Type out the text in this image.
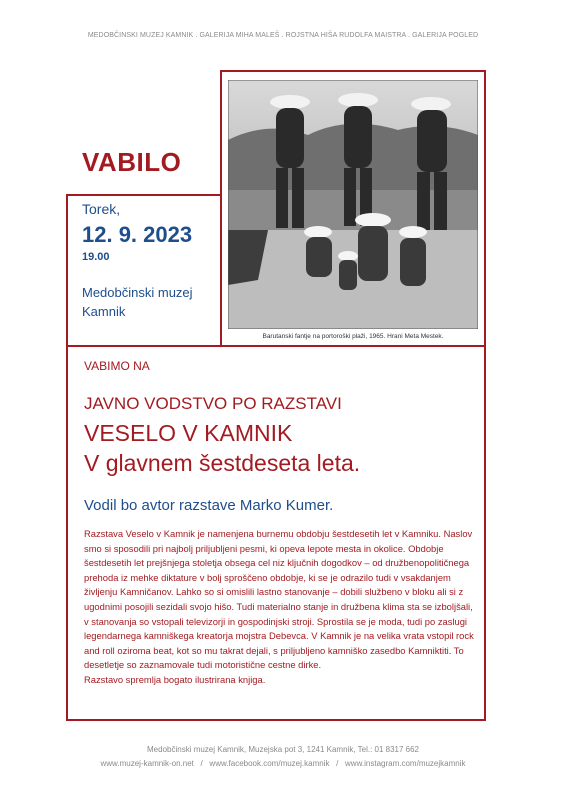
MEDOBČINSKI MUZEJ KAMNIK . GALERIJA MIHA MALEŠ . ROJSTNA HIŠA RUDOLFA MAISTRA . GALERIJA POGLED
Barutanski fantje na portoroški plaži, 1965. Hrani Meta Mestek.
VABILO
Torek,
12. 9. 2023
19.00
Medobčinski muzej
Kamnik
VABIMO NA
JAVNO VODSTVO PO RAZSTAVI
VESELO V KAMNIK
V glavnem šestdeseta leta.
Vodil bo avtor razstave Marko Kumer.
Razstava Veselo v Kamnik je namenjena burnemu obdobju šestdesetih let v Kamniku. Naslov smo si sposodili pri najbolj priljubljeni pesmi, ki opeva lepote mesta in okolice. Obdobje šestdesetih let prejšnjega stoletja obsega cel niz ključnih dogodkov – od družbenopolitičnega prehoda iz mehke diktature v bolj sproščeno obdobje, ki se je odrazilo tudi v vsakdanjem življenju Kamničanov. Lahko so si omislili lastno stanovanje – dobili službeno v bloku ali si z ugodnimi posojili sezidali svojo hišo. Tudi materialno stanje in družbena klima sta se izboljšali, v stanovanja so vstopali televizorji in gospodinjski stroji. Sprostila se je moda, tudi po zaslugi legendarnega kamniškega kreatorja mojstra Debevca. V Kamnik je na velika vrata vstopil rock and roll oziroma beat, kot so mu takrat dejali, s priljubljeno kamniško zasedbo Kamniktiti. To desetletje so zaznamovale tudi motoristične cestne dirke.
Razstavo spremlja bogato ilustrirana knjiga.
Medobčinski muzej Kamnik, Muzejska pot 3, 1241 Kamnik, Tel.: 01 8317 662
www.muzej-kamnik-on.net   /   www.facebook.com/muzej.kamnik   /   www.instagram.com/muzejkamnik
